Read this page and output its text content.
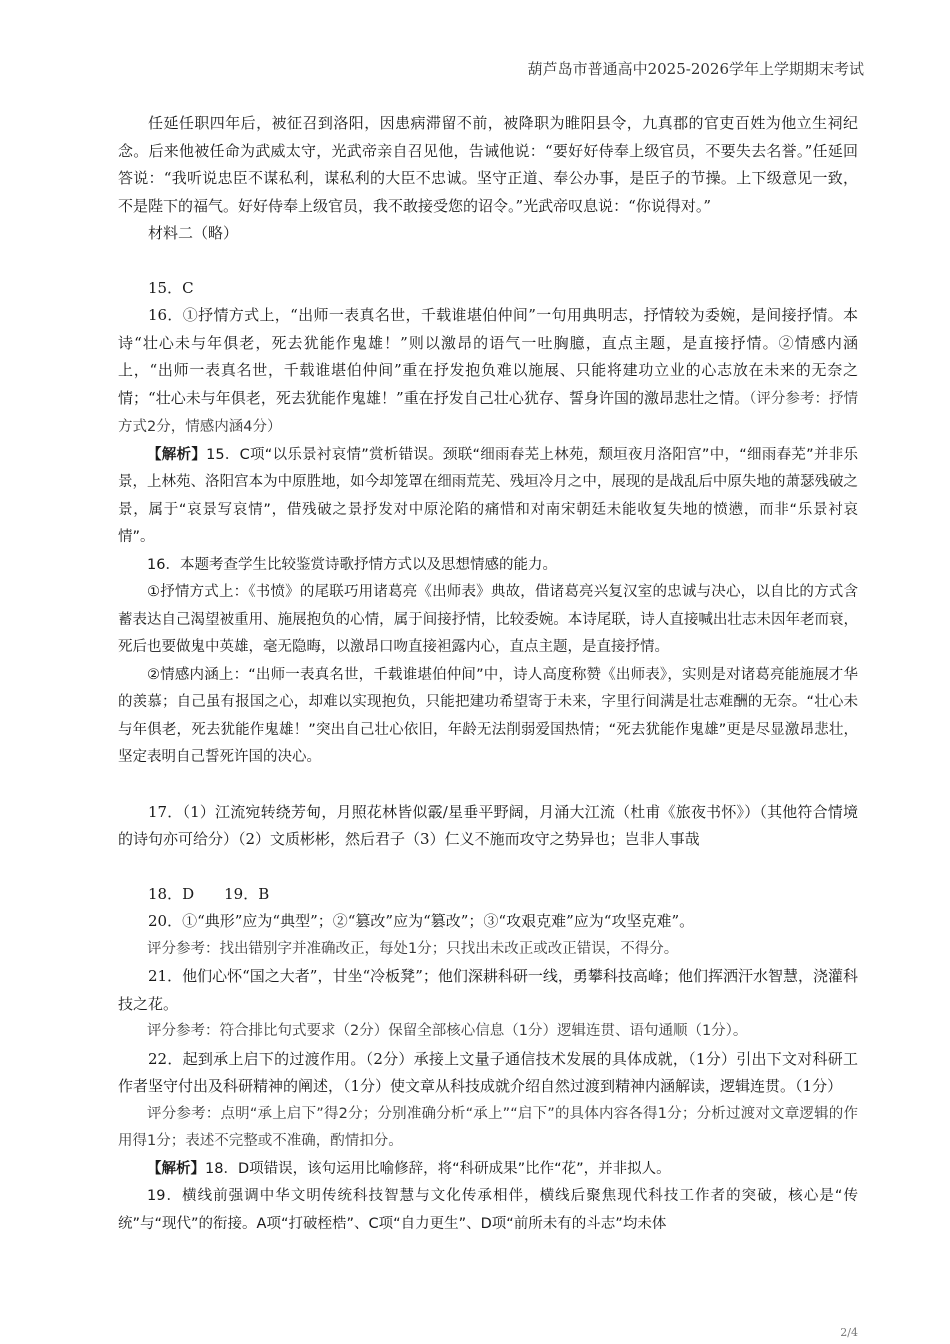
葫芦岛市普通高中2025-2026学年上学期期末考试

任延任职四年后，被征召到洛阳，因患病滞留不前，被降职为睢阳县令，九真郡的官吏百姓为他立生祠纪念。后来他被任命为武威太守，光武帝亲自召见他，告诫他说：“要好好侍奉上级官员，不要失去名誉。”任延回答说：“我听说忠臣不谋私利，谋私利的大臣不忠诚。坚守正道、奉公办事，是臣子的节操。上下级意见一致，不是陛下的福气。好好侍奉上级官员，我不敢接受您的诏令。”光武帝叹息说：“你说得对。”

材料二（略）

15．C

16．①抒情方式上，“出师一表真名世，千载谁堪伯仲间”一句用典明志，抒情较为委婉，是间接抒情。本诗“壮心未与年俱老，死去犹能作鬼雄！”则以激昂的语气一吐胸臆，直点主题，是直接抒情。②情感内涵上，“出师一表真名世，千载谁堪伯仲间”重在抒发抱负难以施展、只能将建功立业的心志放在未来的无奈之情；“壮心未与年俱老，死去犹能作鬼雄！”重在抒发自己壮心犹存、誓身许国的激昂悲壮之情。（评分参考：抒情方式2分，情感内涵4分）

【解析】15．C项“以乐景衬哀情”赏析错误。颈联“细雨春芜上林苑，颓垣夜月洛阳宫”中，“细雨春芜”并非乐景，上林苑、洛阳宫本为中原胜地，如今却笼罩在细雨荒芜、残垣冷月之中，展现的是战乱后中原失地的萧瑟残破之景，属于“哀景写哀情”，借残破之景抒发对中原沦陷的痛惜和对南宋朝廷未能收复失地的愤懑，而非“乐景衬哀情”。

16．本题考查学生比较鉴赏诗歌抒情方式以及思想情感的能力。

①抒情方式上：《书愤》的尾联巧用诸葛亮《出师表》典故，借诸葛亮兴复汉室的忠诚与决心，以自比的方式含蓄表达自己渴望被重用、施展抱负的心情，属于间接抒情，比较委婉。本诗尾联，诗人直接喊出壮志未因年老而衰，死后也要做鬼中英雄，毫无隐晦，以激昂口吻直接袒露内心，直点主题，是直接抒情。

②情感内涵上：“出师一表真名世，千载谁堪伯仲间”中，诗人高度称赞《出师表》，实则是对诸葛亮能施展才华的羡慕；自己虽有报国之心，却难以实现抱负，只能把建功希望寄于未来，字里行间满是壮志难酬的无奈。“壮心未与年俱老，死去犹能作鬼雄！”突出自己壮心依旧，年龄无法削弱爱国热情；“死去犹能作鬼雄”更是尽显激昂悲壮，坚定表明自己誓死许国的决心。

17．（1）江流宛转绕芳甸，月照花林皆似霰/星垂平野阔，月涌大江流（杜甫《旅夜书怀》）（其他符合情境的诗句亦可给分）（2）文质彬彬，然后君子（3）仁义不施而攻守之势异也；岂非人事哉

18．D　　19．B

20．①“典形”应为“典型”；②“篡改”应为“篡改”；③“攻艰克难”应为“攻坚克难”。

评分参考：找出错别字并准确改正，每处1分；只找出未改正或改正错误，不得分。

21．他们心怀“国之大者”，甘坐“冷板凳”；他们深耕科研一线，勇攀科技高峰；他们挥洒汗水智慧，浇灌科技之花。

评分参考：符合排比句式要求（2分）保留全部核心信息（1分）逻辑连贯、语句通顺（1分）。

22．起到承上启下的过渡作用。（2分）承接上文量子通信技术发展的具体成就，（1分）引出下文对科研工作者坚守付出及科研精神的阐述，（1分）使文章从科技成就介绍自然过渡到精神内涵解读，逻辑连贯。（1分）

评分参考：点明“承上启下”得2分；分别准确分析“承上”“启下”的具体内容各得1分；分析过渡对文章逻辑的作用得1分；表述不完整或不准确，酌情扣分。

【解析】18．D项错误，该句运用比喻修辞，将“科研成果”比作“花”，并非拟人。

19．横线前强调中华文明传统科技智慧与文化传承相伴，横线后聚焦现代科技工作者的突破，核心是“传统”与“现代”的衔接。A项“打破桎梏”、C项“自力更生”、D项“前所未有的斗志”均未体

2/4
